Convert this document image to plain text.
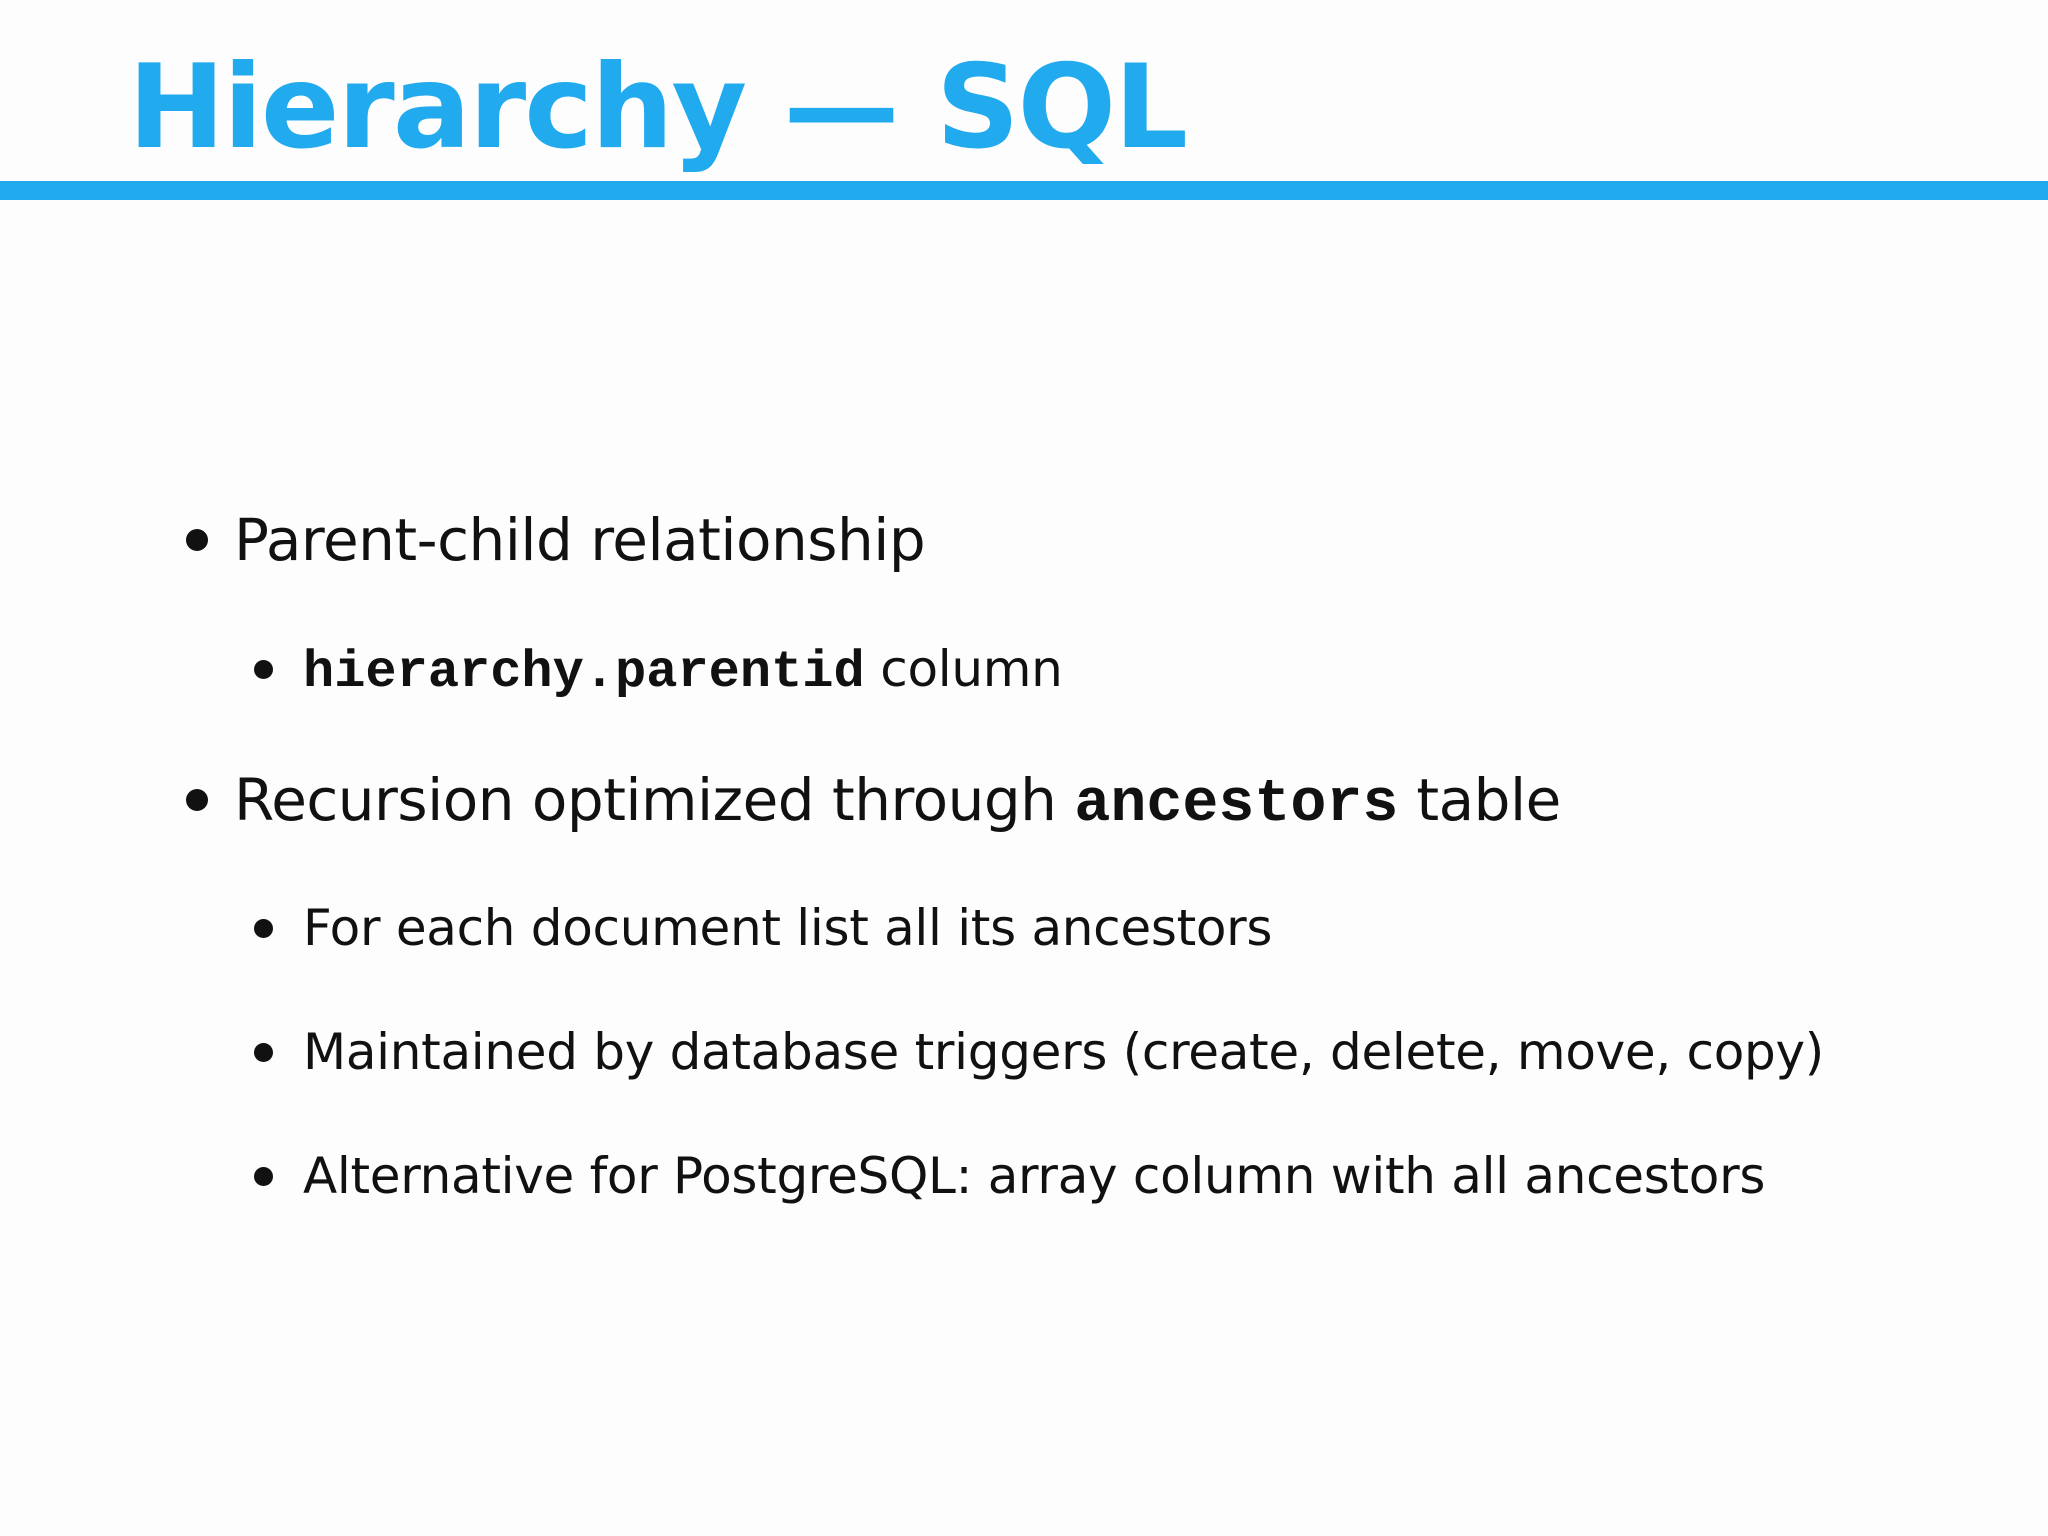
Hierarchy — SQL
Parent-child relationship
hierarchy.parentid column
Recursion optimized through ancestors table
For each document list all its ancestors
Maintained by database triggers (create, delete, move, copy)
Alternative for PostgreSQL: array column with all ancestors
